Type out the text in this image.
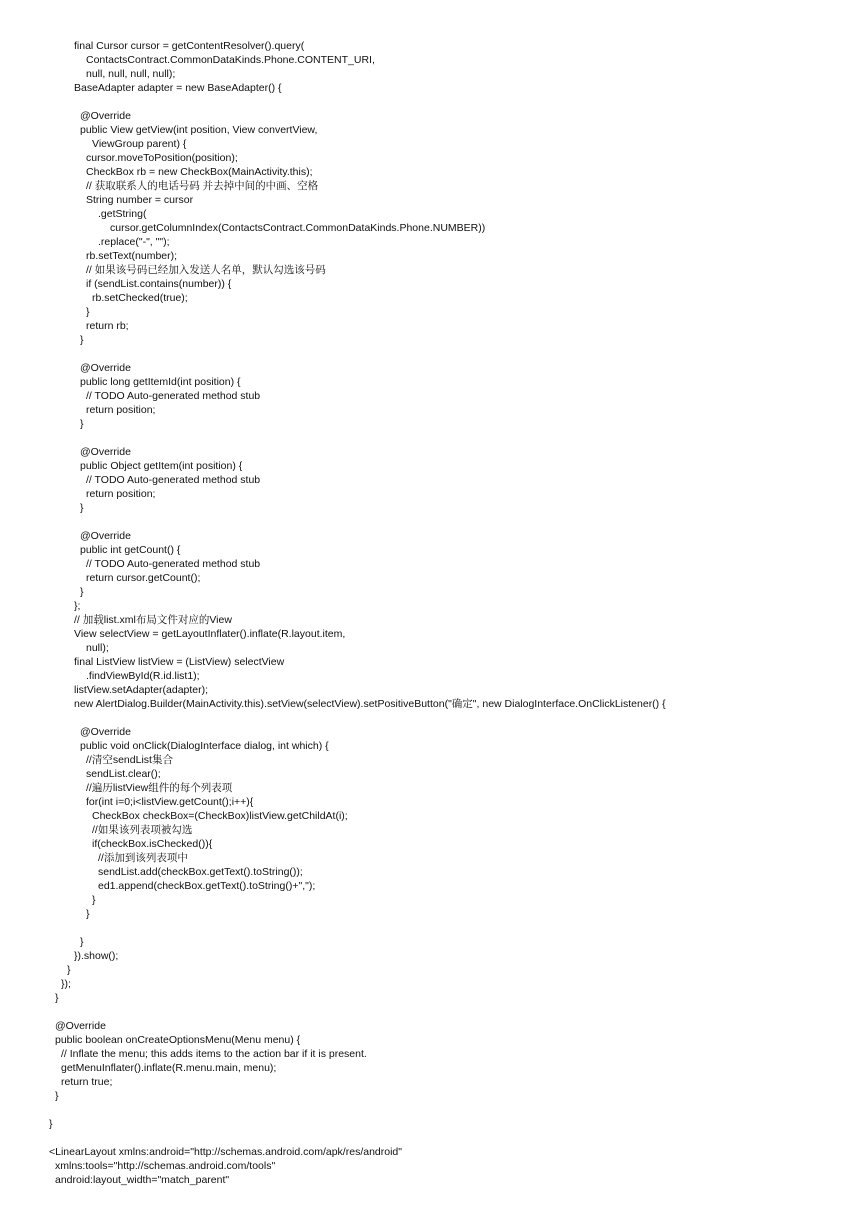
final Cursor cursor = getContentResolver().query(
ContactsContract.CommonDataKinds.Phone.CONTENT_URI,
null, null, null, null);
BaseAdapter adapter = new BaseAdapter() {
@Override
public View getView(int position, View convertView,
ViewGroup parent) {
cursor.moveToPosition(position);
CheckBox rb = new CheckBox(MainActivity.this);
// 获取联系人的电话号码 并去掉中间的中画、空格
String number = cursor
.getString(
cursor.getColumnIndex(ContactsContract.CommonDataKinds.Phone.NUMBER))
.replace("-", "");
rb.setText(number);
// 如果该号码已经加入发送人名单，默认勾选该号码
if (sendList.contains(number)) {
rb.setChecked(true);
}
return rb;
}
@Override
public long getItemId(int position) {
// TODO Auto-generated method stub
return position;
}
@Override
public Object getItem(int position) {
// TODO Auto-generated method stub
return position;
}
@Override
public int getCount() {
// TODO Auto-generated method stub
return cursor.getCount();
}
};
// 加载list.xml布局文件对应的View
View selectView = getLayoutInflater().inflate(R.layout.item,
null);
final ListView listView = (ListView) selectView
.findViewById(R.id.list1);
listView.setAdapter(adapter);
new AlertDialog.Builder(MainActivity.this).setView(selectView).setPositiveButton("确定", new DialogInterface.OnClickListener() {
@Override
public void onClick(DialogInterface dialog, int which) {
//清空sendList集合
sendList.clear();
//遍历listView组件的每个列表项
for(int i=0;i<listView.getCount();i++){
CheckBox checkBox=(CheckBox)listView.getChildAt(i);
//如果该列表项被勾选
if(checkBox.isChecked()){
//添加到该列表项中
sendList.add(checkBox.getText().toString());
ed1.append(checkBox.getText().toString()+",");
}
}
}
}).show();
}
});
}
@Override
public boolean onCreateOptionsMenu(Menu menu) {
// Inflate the menu; this adds items to the action bar if it is present.
getMenuInflater().inflate(R.menu.main, menu);
return true;
}
}
<LinearLayout xmlns:android="http://schemas.android.com/apk/res/android"
xmlns:tools="http://schemas.android.com/tools"
android:layout_width="match_parent"
